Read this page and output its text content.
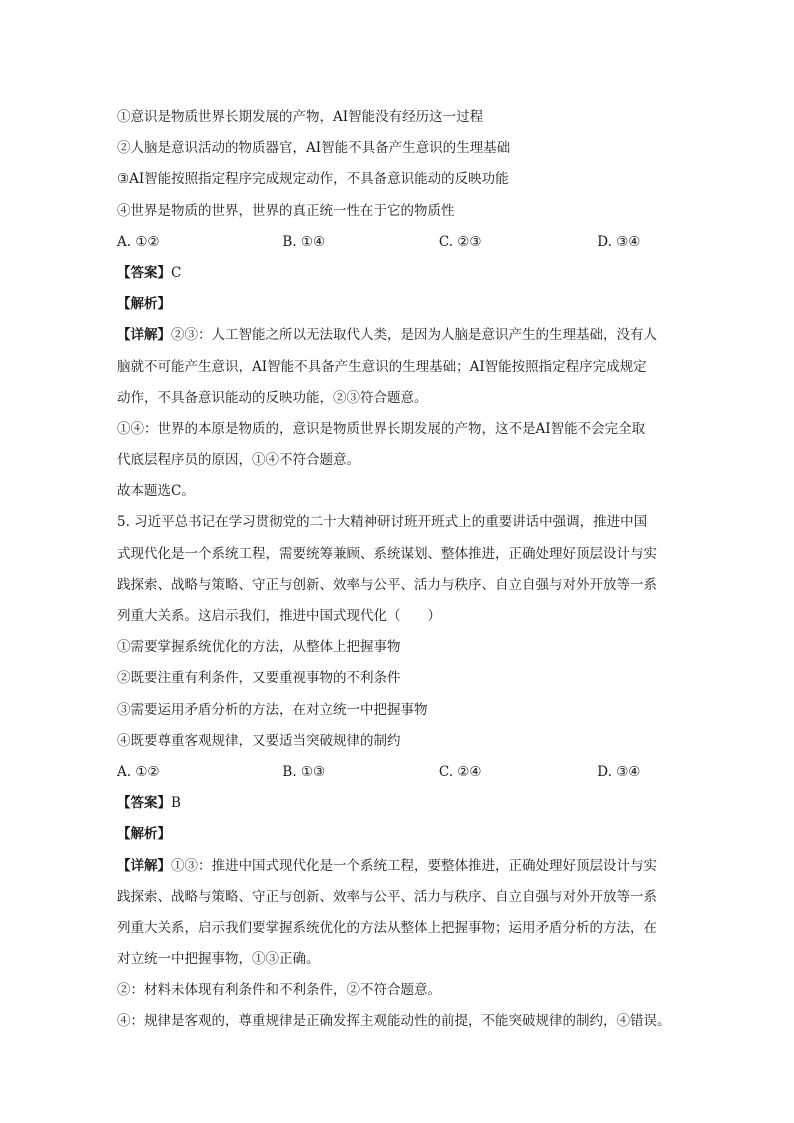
①意识是物质世界长期发展的产物，AI智能没有经历这一过程
②人脑是意识活动的物质器官，AI智能不具备产生意识的生理基础
③AI智能按照指定程序完成规定动作，不具备意识能动的反映功能
④世界是物质的世界，世界的真正统一性在于它的物质性
A. ①②	B. ①④	C. ②③	D. ③④
【答案】C
【解析】
【详解】②③：人工智能之所以无法取代人类，是因为人脑是意识产生的生理基础，没有人
脑就不可能产生意识，AI智能不具备产生意识的生理基础；AI智能按照指定程序完成规定
动作，不具备意识能动的反映功能，②③符合题意。
①④：世界的本原是物质的，意识是物质世界长期发展的产物，这不是AI智能不会完全取
代底层程序员的原因，①④不符合题意。
故本题选C。
5. 习近平总书记在学习贯彻党的二十大精神研讨班开班式上的重要讲话中强调，推进中国
式现代化是一个系统工程，需要统筹兼顾、系统谋划、整体推进，正确处理好顶层设计与实
践探索、战略与策略、守正与创新、效率与公平、活力与秩序、自立自强与对外开放等一系
列重大关系。这启示我们，推进中国式现代化（　　）
①需要掌握系统优化的方法，从整体上把握事物
②既要注重有利条件，又要重视事物的不利条件
③需要运用矛盾分析的方法，在对立统一中把握事物
④既要尊重客观规律，又要适当突破规律的制约
A. ①②	B. ①③	C. ②④	D. ③④
【答案】B
【解析】
【详解】①③：推进中国式现代化是一个系统工程，要整体推进，正确处理好顶层设计与实
践探索、战略与策略、守正与创新、效率与公平、活力与秩序、自立自强与对外开放等一系
列重大关系，启示我们要掌握系统优化的方法从整体上把握事物；运用矛盾分析的方法，在
对立统一中把握事物，①③正确。
②：材料未体现有利条件和不利条件，②不符合题意。
④：规律是客观的，尊重规律是正确发挥主观能动性的前提，不能突破规律的制约，④错误。
